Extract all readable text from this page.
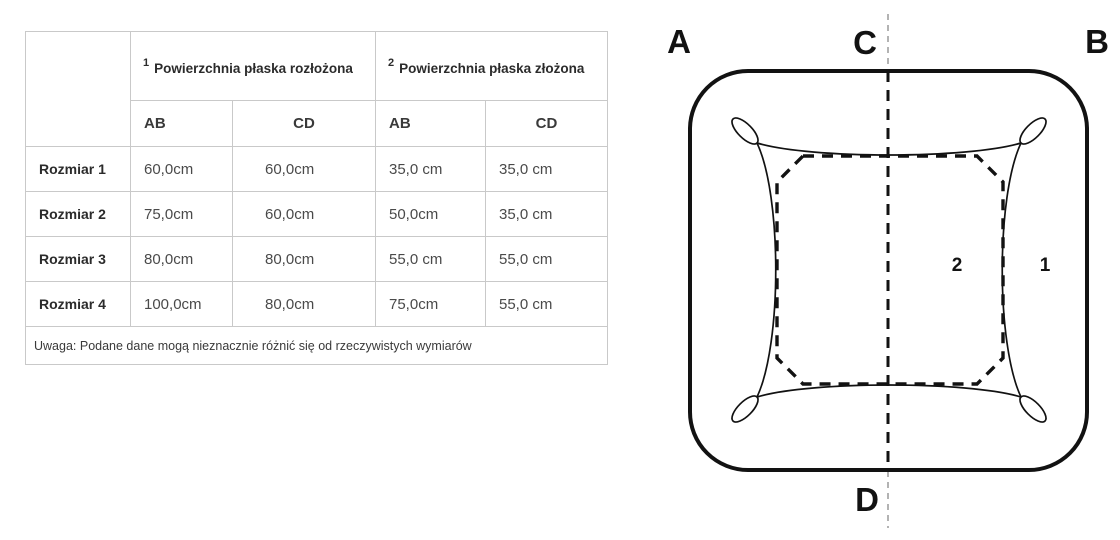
	$^1$ Powierzchnia płaska rozłożona		$^2$ Powierzchnia płaska złożona	
	AB	CD	AB	CD
Rozmiar 1	60,0cm	60,0cm	35,0 cm	35,0 cm
Rozmiar 2	75,0cm	60,0cm	50,0cm	35,0 cm
Rozmiar 3	80,0cm	80,0cm	55,0 cm	55,0 cm
Rozmiar 4	100,0cm	80,0cm	75,0cm	55,0 cm
Uwaga: Podane dane mogą nieznacznie różnić się od rzeczywistych wymiarów				
A	C	B
D
2	1
